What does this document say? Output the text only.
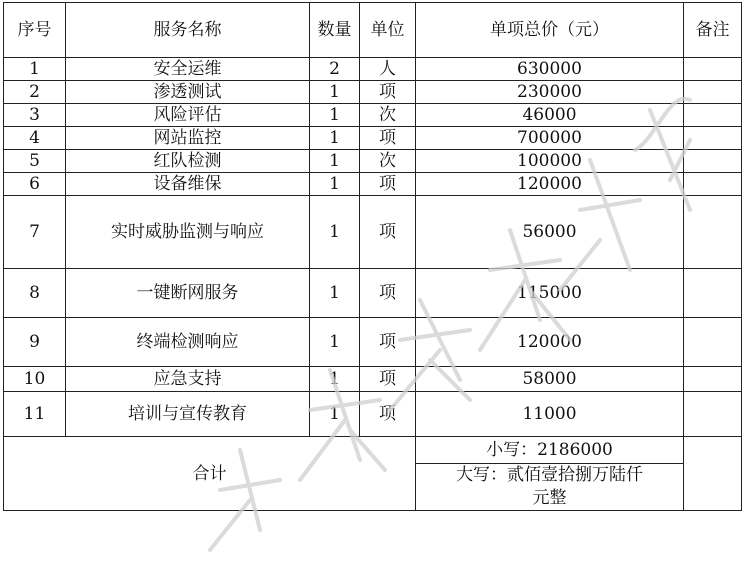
序号	服务名称	数量	单位	单项总价（元）	备注
1	安全运维	2	人	630000	
2	渗透测试	1	项	230000	
3	风险评估	1	次	46000	
4	网站监控	1	项	700000	
5	红队检测	1	次	100000	
6	设备维保	1	项	120000	
7	实时威胁监测与响应	1	项	56000	
8	一键断网服务	1	项	115000	
9	终端检测响应	1	项	120000	
10	应急支持	1	项	58000	
11	培训与宣传教育	1	项	11000	
合计				小写：2186000	
				大写：贰佰壹拾捌万陆仟元整	
